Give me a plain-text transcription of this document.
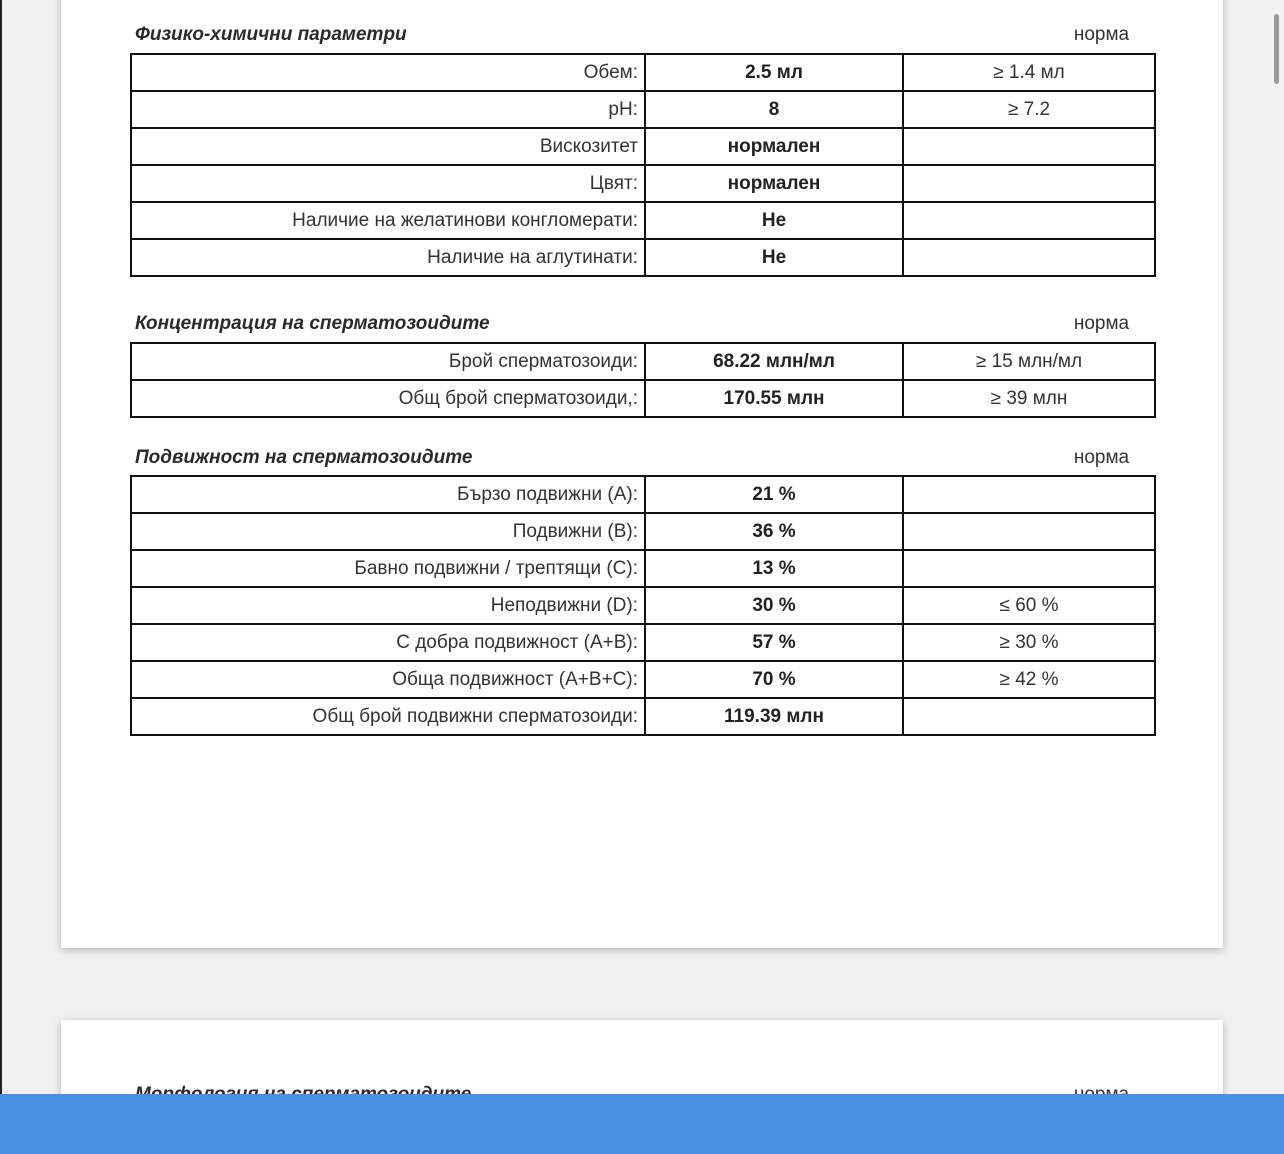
Физико-химични параметри	норма
Обем:	2.5 мл	≥ 1.4 мл
pH:	8	≥ 7.2
Вискозитет	нормален	
Цвят:	нормален	
Наличие на желатинови конгломерати:	Не	
Наличие на аглутинати:	Не	
Концентрация на сперматозоидите	норма
Брой сперматозоиди:	68.22 млн/мл	≥ 15 млн/мл
Общ брой сперматозоиди,:	170.55 млн	≥ 39 млн
Подвижност на сперматозоидите	норма
Бързо подвижни (A):	21 %	
Подвижни (B):	36 %	
Бавно подвижни / трептящи (C):	13 %	
Неподвижни (D):	30 %	≤ 60 %
С добра подвижност (A+B):	57 %	≥ 30 %
Обща подвижност (A+B+C):	70 %	≥ 42 %
Общ брой подвижни сперматозоиди:	119.39 млн	
